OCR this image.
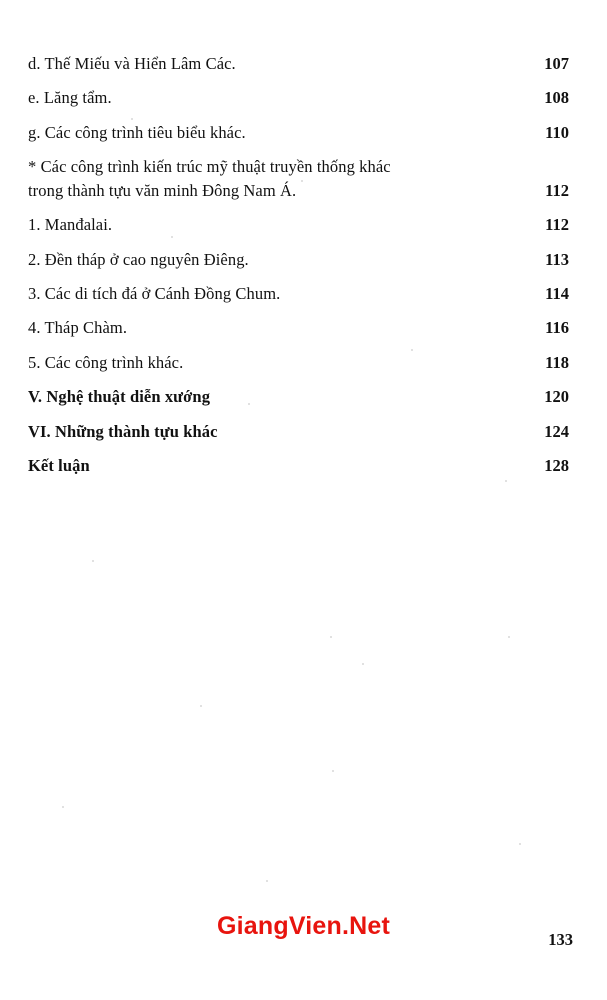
d. Thế Miếu và Hiển Lâm Các.	107
e. Lăng tẩm.	108
g. Các công trình tiêu biểu khác.	110
* Các công trình kiến trúc mỹ thuật truyền thống khác
trong thành tựu văn minh Đông Nam Á.	112
1. Manđalai.	112
2. Đền tháp ở cao nguyên Điêng.	113
3. Các di tích đá ở Cánh Đồng Chum.	114
4. Tháp Chàm.	116
5. Các công trình khác.	118
V. Nghệ thuật diễn xướng	120
VI. Những thành tựu khác	124
Kết luận	128
GiangVien.Net	133
